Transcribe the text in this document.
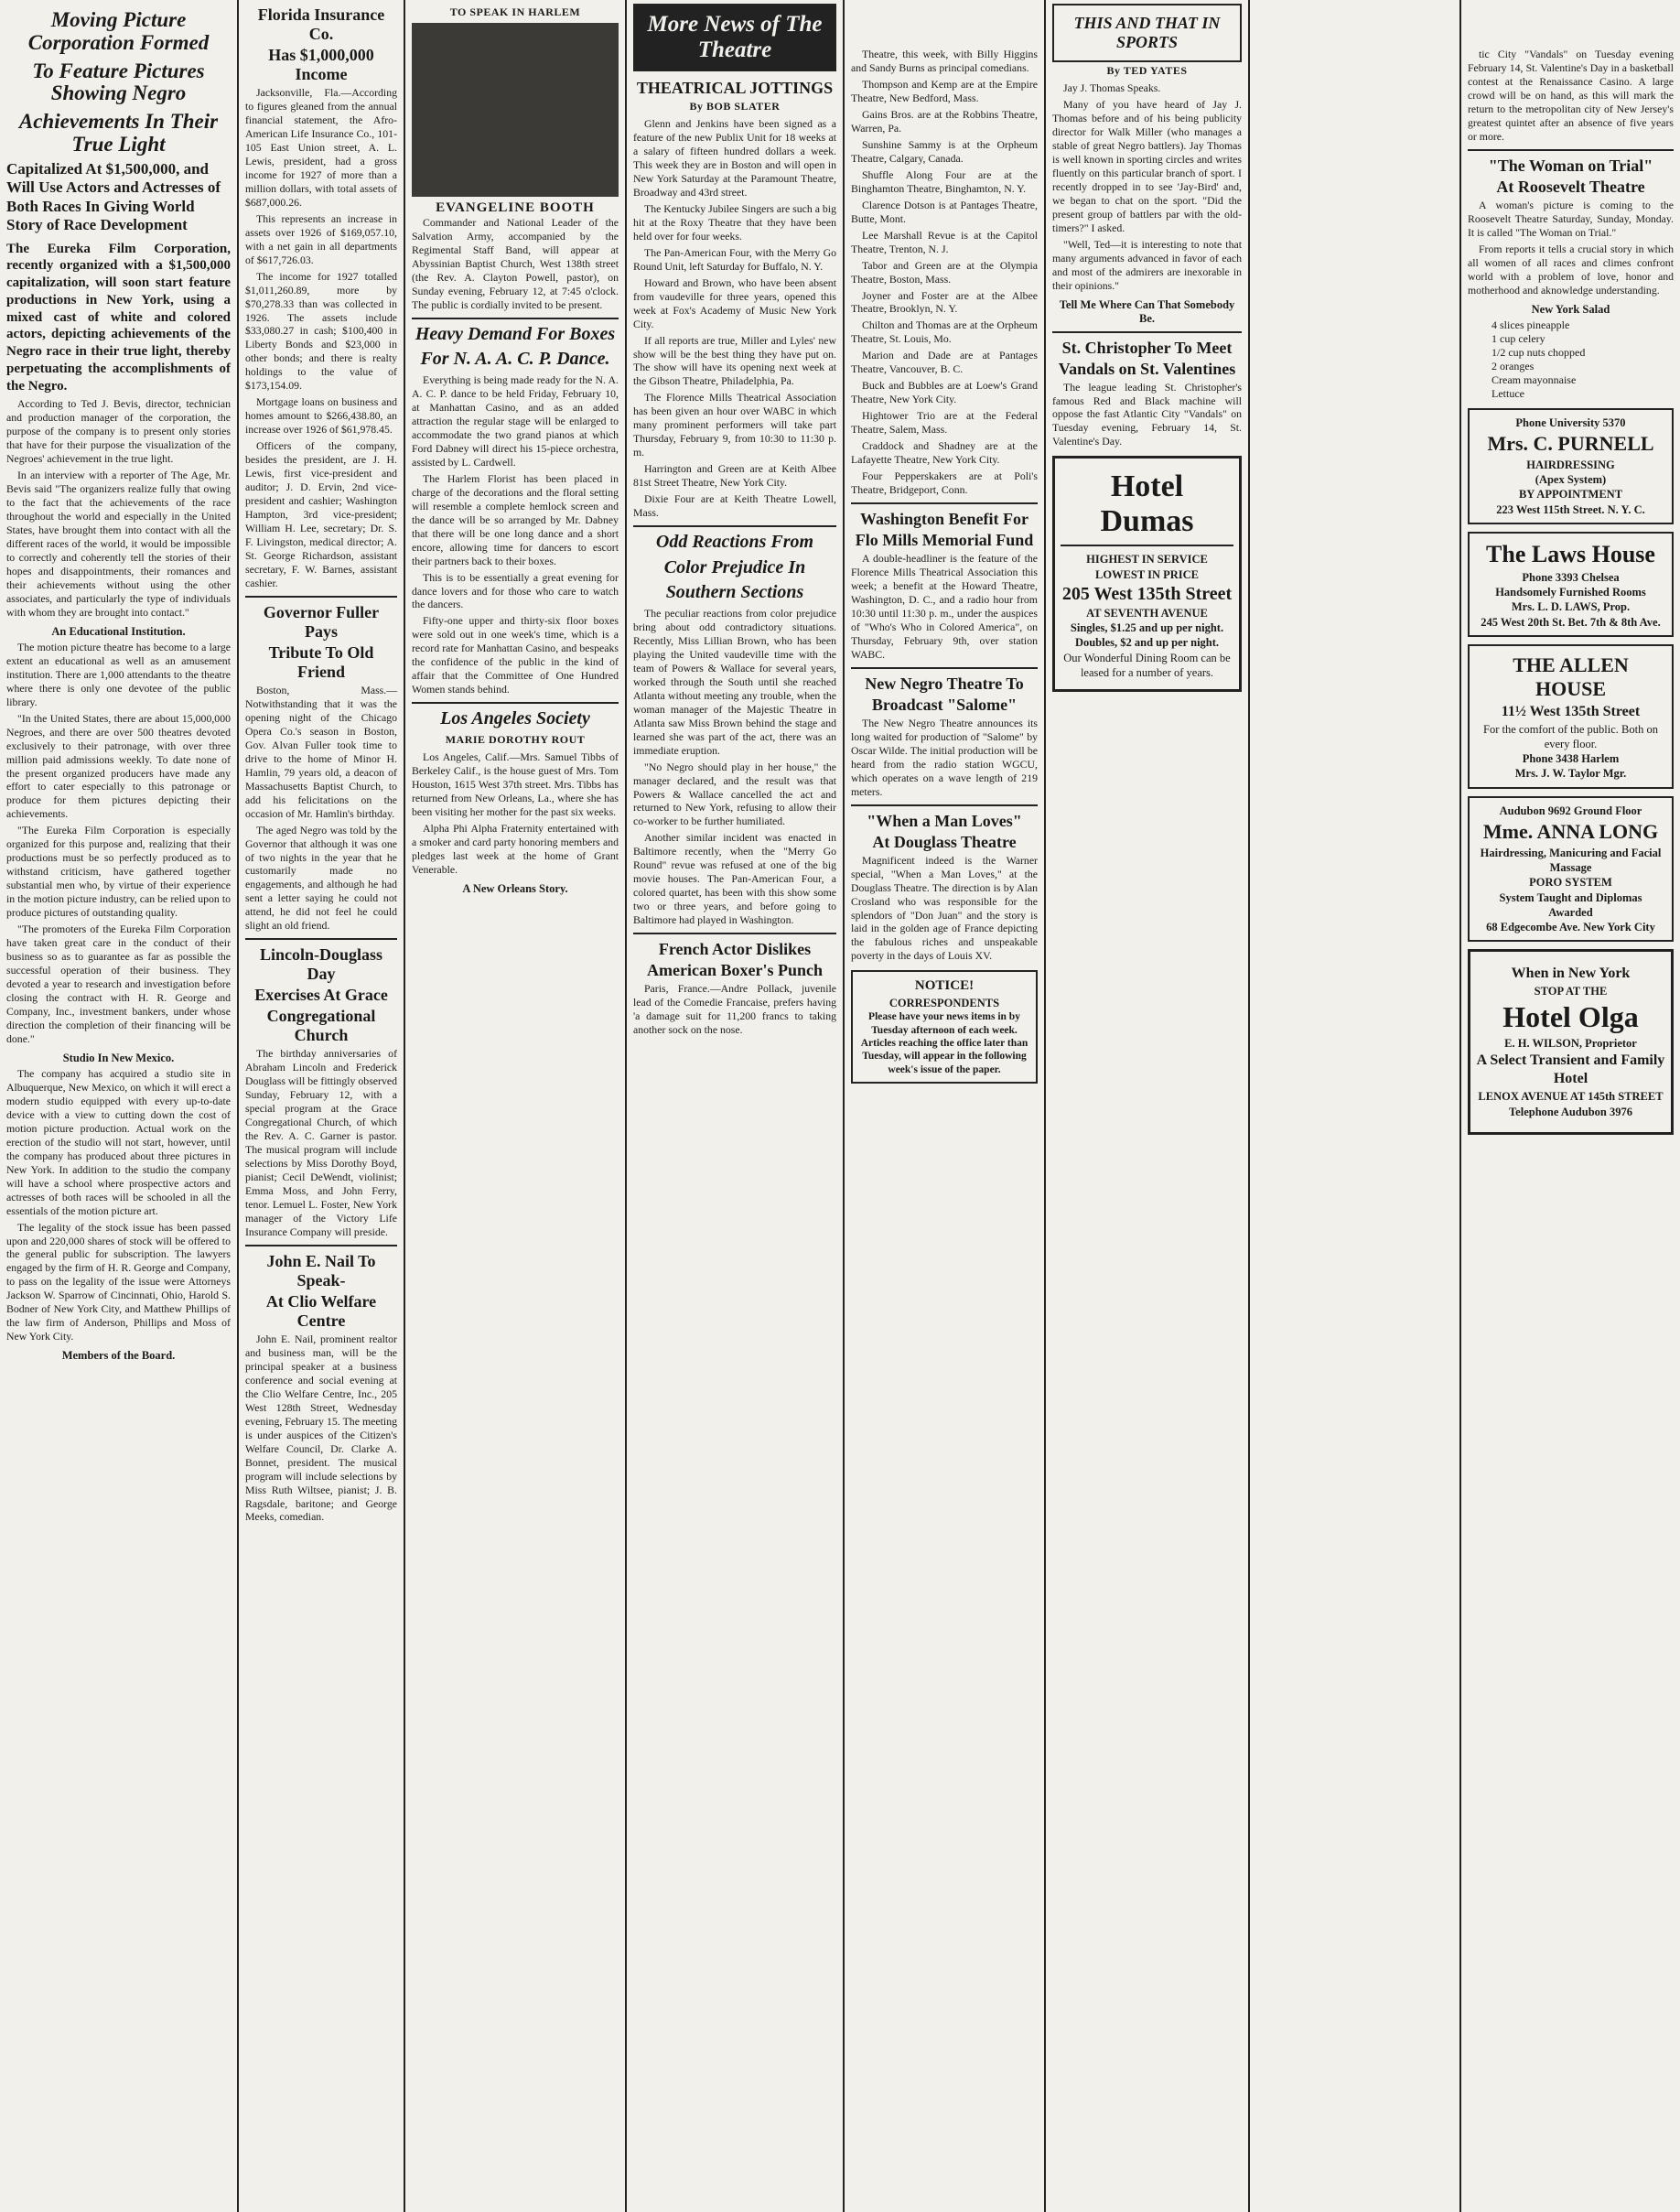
Moving Picture Corporation Formed
To Feature Pictures Showing Negro
Achievements In Their True Light
Capitalized At $1,500,000, and Will Use Actors and Actresses of Both Races In Giving World Story of Race Development

The Eureka Film Corporation, recently organized with a $1,500,000 capitalization, will soon start feature productions in New York, using a mixed cast of white and colored actors, depicting achievements of the Negro race in their true light, thereby perpetuating the accomplishments of the Negro.

According to Ted J. Bevis, director, technician and production manager of the corporation, the purpose of the company is to present only stories that have for their purpose the visualization of the Negroes' achievement in the true light.

In an interview with a reporter of The Age, Mr. Bevis said "The organizers realize fully that owing to the fact that the achievements of the race throughout the world and especially in the United States, have brought them into contact with all the different races of the world, it would be impossible to correctly and coherently tell the stories of their hopes and disappointments, their romances and their achievements without using the other associates, and particularly the type of individuals with whom they are brought into contact."

An Educational Institution.

The motion picture theatre has become to a large extent an educational as well as an amusement institution. There are 1,000 attendants to the theatre where there is only one devotee of the public library.

"In the United States, there are about 15,000,000 Negroes, and there are over 500 theatres devoted exclusively to their patronage, with over three million paid admissions weekly. To date none of the present organized producers have made any effort to cater especially to this patronage or produce for them pictures depicting their achievements.

"The Eureka Film Corporation is especially organized for this purpose and, realizing that their productions must be so perfectly produced as to withstand criticism, have gathered together substantial men who, by virtue of their experience in the motion picture industry, can be relied upon to produce pictures of outstanding quality.

"The promoters of the Eureka Film Corporation have taken great care in the conduct of their business so as to guarantee as far as possible the successful operation of their business. They devoted a year to research and investigation before closing the contract with H. R. George and Company, Inc., investment bankers, under whose direction the completion of their financing will be done."

Studio In New Mexico.

The company has acquired a studio site in Albuquerque, New Mexico, on which it will erect a modern studio equipped with every up-to-date device with a view to cutting down the cost of motion picture production. Actual work on the erection of the studio will not start, however, until the company has produced about three pictures in New York. In addition to the studio the company will have a school where prospective actors and actresses of both races will be schooled in all the essentials of the motion picture art.

The legality of the stock issue has been passed upon and 220,000 shares of stock will be offered to the general public for subscription. The lawyers engaged by the firm of H. R. George and Company, to pass on the legality of the issue were Attorneys Jackson W. Sparrow of Cincinnati, Ohio, Harold S. Bodner of New York City, and Matthew Phillips of the law firm of Anderson, Phillips and Moss of New York City.

Members of the Board.
Florida Insurance Co.
Has $1,000,000 Income

Jacksonville, Fla.—According to figures gleaned from the annual financial statement, the Afro-American Life Insurance Co., 101-105 East Union street, A. L. Lewis, president, had a gross income for 1927 of more than a million dollars, with total assets of $687,000.26.

This represents an increase in assets over 1926 of $169,057.10, with a net gain in all departments of $617,726.03.

The income for 1927 totalled $1,011,260.89, more by $70,278.33 than was collected in 1926. The assets include $33,080.27 in cash; $100,400 in Liberty Bonds and $23,000 in other bonds; and there is realty holdings to the value of $173,154.09.

Mortgage loans on business and homes amount to $266,438.80, an increase over 1926 of $61,978.45.

Officers of the company, besides the president, are J. H. Lewis, first vice-president and auditor; J. D. Ervin, 2nd vice-president and cashier; Washington Hampton, 3rd vice-president; William H. Lee, secretary; Dr. S. F. Livingston, medical director; A. St. George Richardson, assistant secretary, F. W. Barnes, assistant cashier.

Governor Fuller Pays
Tribute To Old Friend

Boston, Mass.—Notwithstanding that it was the opening night of the Chicago Opera Co.'s season in Boston, Gov. Alvan Fuller took time to drive to the home of Minor H. Hamlin, 79 years old, a deacon of Massachusetts Baptist Church, to add his felicitations on the occasion of Mr. Hamlin's birthday.

The aged Negro was told by the Governor that although it was one of two nights in the year that he customarily made no engagements, and although he had sent a letter saying he could not attend, he did not feel he could slight an old friend.

Lincoln-Douglass Day
Exercises At Grace
Congregational Church

The birthday anniversaries of Abraham Lincoln and Frederick Douglass will be fittingly observed Sunday, February 12, with a special program at the Grace Congregational Church, of which the Rev. A. C. Garner is pastor. The musical program will include selections by Miss Dorothy Boyd, pianist; Cecil DeWendt, violinist; Emma Moss, and John Ferry, tenor. Lemuel L. Foster, New York manager of the Victory Life Insurance Company will preside.

John E. Nail To Speak-
At Clio Welfare Centre

John E. Nail, prominent realtor and business man, will be the principal speaker at a business conference and social evening at the Clio Welfare Centre, Inc., 205 West 128th Street, Wednesday evening, February 15. The meeting is under auspices of the Citizen's Welfare Council, Dr. Clarke A. Bonnet, president. The musical program will include selections by Miss Ruth Wiltsee, pianist; J. B. Ragsdale, baritone; and George Meeks, comedian.

TO SPEAK IN HARLEM
EVANGELINE BOOTH

Commander and National Leader of the Salvation Army, accompanied by the Regimental Staff Band, will appear at Abyssinian Baptist Church, West 138th street (the Rev. A. Clayton Powell, pastor), on Sunday evening, February 12, at 7:45 o'clock. The public is cordially invited to be present.

Heavy Demand For Boxes
For N. A. A. C. P. Dance.

Everything is being made ready for the N. A. A. C. P. dance to be held Friday, February 10, at Manhattan Casino, and as an added attraction the regular stage will be enlarged to accommodate the two grand pianos at which Ford Dabney will direct his 15-piece orchestra, assisted by L. Cardwell.

The Harlem Florist has been placed in charge of the decorations and the floral setting will resemble a complete hemlock screen and the dance will be so arranged by Mr. Dabney that there will be one long dance and a short encore, allowing time for dancers to escort their partners back to their boxes.

This is to be essentially a great evening for dance lovers and for those who care to watch the dancers.

Fifty-one upper and thirty-six floor boxes were sold out in one week's time, which is a record rate for Manhattan Casino, and bespeaks the confidence of the public in the kind of affair that the Committee of One Hundred Women stands behind.

Los Angeles Society
MARIE DOROTHY ROUT

Los Angeles, Calif.—Mrs. Samuel Tibbs of Berkeley Calif., is the house guest of Mrs. Tom Houston, 1615 West 37th street. Mrs. Tibbs has returned from New Orleans, La., where she has been visiting her mother for the past six weeks.

Alpha Phi Alpha Fraternity entertained with a smoker and card party honoring members and pledges last week at the home of Grant Venerable.

A New Orleans Story.
More News of The Theatre
THEATRICAL JOTTINGS
By BOB SLATER

Glenn and Jenkins have been signed as a feature of the new Publix Unit for 18 weeks at a salary of fifteen hundred dollars a week. This week they are in Boston and will open in New York Saturday at the Paramount Theatre, Broadway and 43rd street.

The Kentucky Jubilee Singers are such a big hit at the Roxy Theatre that they have been held over for four weeks.

The Pan-American Four, with the Merry Go Round Unit, left Saturday for Buffalo, N. Y.

Howard and Brown, who have been absent from vaudeville for three years, opened this week at Fox's Academy of Music New York City.

If all reports are true, Miller and Lyles' new show will be the best thing they have put on. The show will have its opening next week at the Gibson Theatre, Philadelphia, Pa.

The Florence Mills Theatrical Association has been given an hour over WABC in which many prominent performers will take part Thursday, February 9, from 10:30 to 11:30 p. m.

Harrington and Green are at Keith Albee 81st Street Theatre, New York City.

Dixie Four are at Keith Theatre Lowell, Mass.

Odd Reactions From
Color Prejudice In
Southern Sections

The peculiar reactions from color prejudice bring about odd contradictory situations. Recently, Miss Lillian Brown, who has been playing the United vaudeville time with the team of Powers & Wallace for several years, worked through the South until she reached Atlanta without meeting any trouble, when the woman manager of the Majestic Theatre in Atlanta saw Miss Brown behind the stage and learned she was part of the act, there was an immediate eruption.

"No Negro should play in her house," the manager declared, and the result was that Powers & Wallace cancelled the act and returned to New York, refusing to allow their co-worker to be further humiliated.

Another similar incident was enacted in Baltimore recently, when the "Merry Go Round" revue was refused at one of the big movie houses. The Pan-American Four, a colored quartet, has been with this show some two or three years, and before going to Baltimore had played in Washington.

French Actor Dislikes
American Boxer's Punch

Paris, France.—Andre Pollack, juvenile lead of the Comedie Francaise, prefers having 'a damage suit for 11,200 francs to taking another sock on the nose.

Theatre, this week, with Billy Higgins and Sandy Burns as principal comedians.

Thompson and Kemp are at the Empire Theatre, New Bedford, Mass.

Gains Bros. are at the Robbins Theatre, Warren, Pa.

Sunshine Sammy is at the Orpheum Theatre, Calgary, Canada.

Shuffle Along Four are at the Binghamton Theatre, Binghamton, N. Y.

Clarence Dotson is at Pantages Theatre, Butte, Mont.

Lee Marshall Revue is at the Capitol Theatre, Trenton, N. J.

Tabor and Green are at the Olympia Theatre, Boston, Mass.

Joyner and Foster are at the Albee Theatre, Brooklyn, N. Y.

Chilton and Thomas are at the Orpheum Theatre, St. Louis, Mo.

Marion and Dade are at Pantages Theatre, Vancouver, B. C.

Buck and Bubbles are at Loew's Grand Theatre, New York City.

Hightower Trio are at the Federal Theatre, Salem, Mass.

Craddock and Shadney are at the Lafayette Theatre, New York City.

Four Pepperskakers are at Poli's Theatre, Bridgeport, Conn.

Washington Benefit For
Flo Mills Memorial Fund

A double-headliner is the feature of the Florence Mills Theatrical Association this week; a benefit at the Howard Theatre, Washington, D. C., and a radio hour from 10:30 until 11:30 p. m., under the auspices of "Who's Who in Colored America", on Thursday, February 9th, over station WABC.

New Negro Theatre To
Broadcast "Salome"

The New Negro Theatre announces its long waited for production of "Salome" by Oscar Wilde. The initial production will be heard from the radio station WGCU, which operates on a wave length of 219 meters.

"When a Man Loves"
At Douglass Theatre

Magnificent indeed is the Warner special, "When a Man Loves," at the Douglass Theatre. The direction is by Alan Crosland who was responsible for the splendors of "Don Juan" and the story is laid in the golden age of France depicting the fabulous riches and unspeakable poverty in the days of Louis XV.

NOTICE!
CORRESPONDENTS
Please have your news items in by Tuesday afternoon of each week. Articles reaching the office later than Tuesday, will appear in the following week's issue of the paper.
THIS AND THAT IN SPORTS
By TED YATES

Jay J. Thomas Speaks.

Many of you have heard of Jay J. Thomas before and of his being publicity director for Walk Miller (who manages a stable of great Negro battlers). Jay Thomas is well known in sporting circles and writes fluently on this particular branch of sport. I recently dropped in to see 'Jay-Bird' and, we began to chat on the sport. "Did the present group of battlers par with the old-timers?" I asked.

"Well, Ted—it is interesting to note that many arguments advanced in favor of each and most of the admirers are inexorable in their opinions."

Tell Me Where Can That Somebody Be.
St. Christopher To Meet
Vandals on St. Valentines

The league leading St. Christopher's famous Red and Black machine will oppose the fast Atlantic City "Vandals" on Tuesday evening, February 14, St. Valentine's Day.

Hotel Dumas
HIGHEST IN SERVICE
LOWEST IN PRICE
205 West 135th Street
AT SEVENTH AVENUE
Singles, $1.25 and up per night.
Doubles, $2 and up per night.
Our Wonderful Dining Room can be leased for a number of years.

tic City "Vandals" on Tuesday evening February 14, St. Valentine's Day in a basketball contest at the Renaissance Casino. A large crowd will be on hand, as this will mark the return to the metropolitan city of New Jersey's greatest quintet after an absence of five years or more.

"The Woman on Trial"
At Roosevelt Theatre

A woman's picture is coming to the Roosevelt Theatre Saturday, Sunday, Monday. It is called "The Woman on Trial."

From reports it tells a crucial story in which all women of all races and climes confront world with a problem of love, honor and motherhood and aknowledge understanding.

New York Salad
4 slices pineapple
1 cup celery
1/2 cup nuts chopped
2 oranges
Cream mayonnaise
Lettuce
Phone University 5370
Mrs. C. PURNELL
HAIRDRESSING
(Apex System)
BY APPOINTMENT
223 West 115th Street. N. Y. C.
The Laws House
Phone 3393 Chelsea
Handsomely Furnished Rooms
Mrs. L. D. LAWS, Prop.
245 West 20th St. Bet. 7th & 8th Ave.
THE ALLEN HOUSE
11½ West 135th Street
For the comfort of the public. Both on every floor.
Phone 3438 Harlem
Mrs. J. W. Taylor Mgr.
Audubon 9692 Ground Floor
Mme. ANNA LONG
Hairdressing, Manicuring and Facial Massage
PORO SYSTEM
System Taught and Diplomas Awarded
68 Edgecombe Ave. New York City
When in New York
STOP AT THE
Hotel Olga
E. H. WILSON, Proprietor
A Select Transient and Family Hotel
LENOX AVENUE AT 145th STREET
Telephone Audubon 3976
